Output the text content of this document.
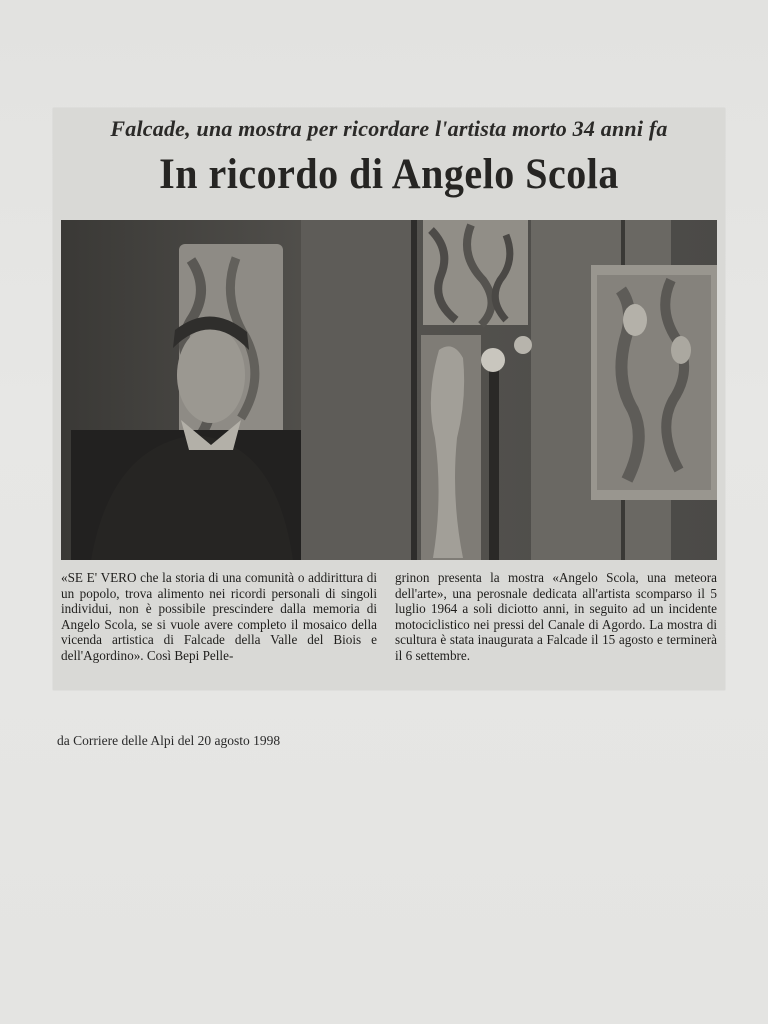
Falcade, una mostra per ricordare l'artista morto 34 anni fa
In ricordo di Angelo Scola
«SE E' VERO che la storia di una comunità o addirittura di un popolo, trova alimento nei ricordi personali di singoli individui, non è possibile prescindere dalla memoria di Angelo Scola, se si vuole avere completo il mosaico della vicenda artistica di Falcade della Valle del Biois e dell'Agordino». Così Bepi Pelle-
grinon presenta la mostra «Angelo Scola, una meteora dell'arte», una perosnale dedicata all'artista scomparso il 5 luglio 1964 a soli diciotto anni, in seguito ad un incidente motociclistico nei pressi del Canale di Agordo. La mostra di scultura è stata inaugurata a Falcade il 15 agosto e terminerà il 6 settembre.
da Corriere delle Alpi del 20 agosto 1998
